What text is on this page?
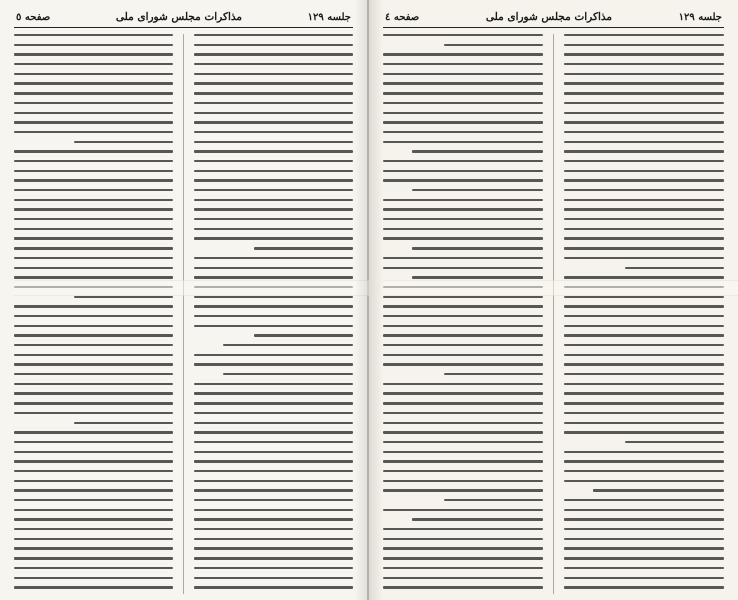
جلسه ۱۲۹
مذاکرات مجلس شورای ملی
صفحه ٥	جلسه ۱۲۹
مذاکرات مجلس شورای ملی
صفحه ٤
